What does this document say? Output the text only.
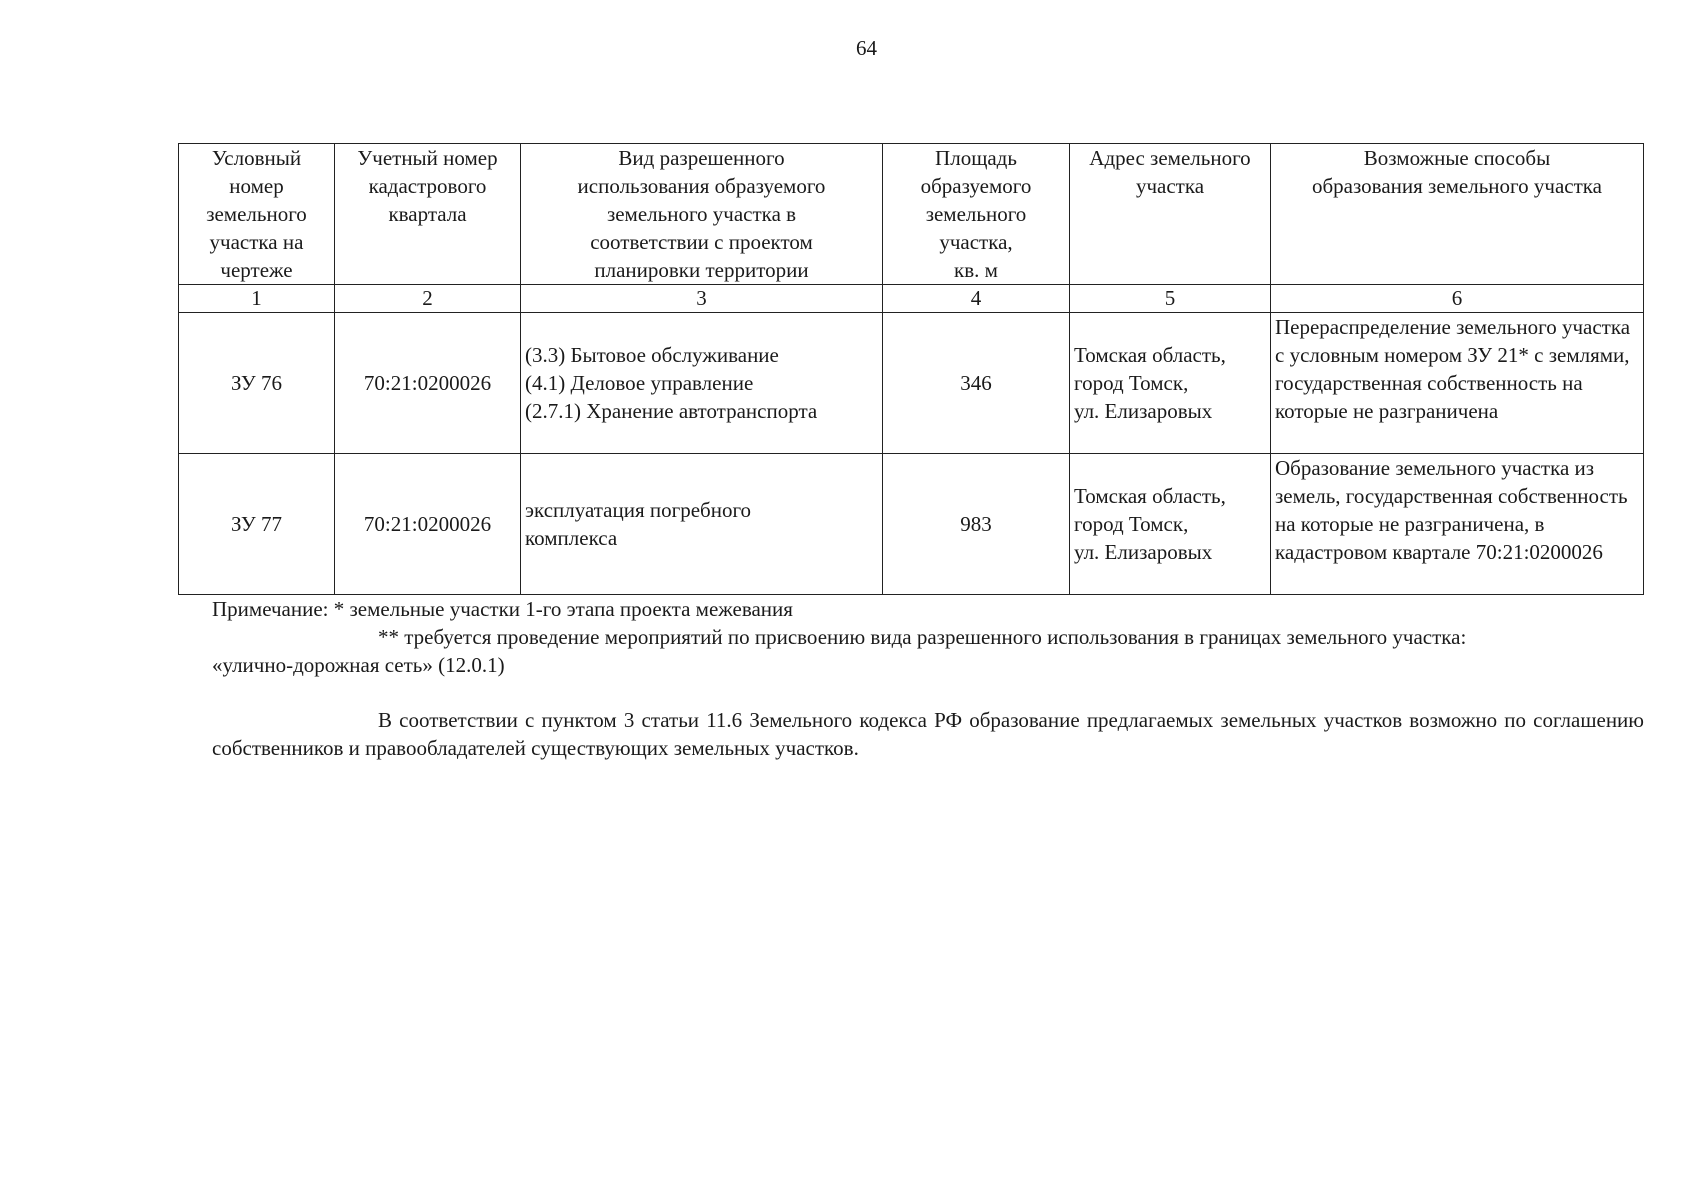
64
Условный
номер
земельного
участка на
чертеже	Учетный номер
кадастрового
квартала	Вид разрешенного
использования образуемого
земельного участка в
соответствии с проектом
планировки территории	Площадь
образуемого
земельного
участка,
кв. м	Адрес земельного
участка	Возможные способы
образования земельного участка
1	2	3	4	5	6
ЗУ 76	70:21:0200026	(3.3) Бытовое обслуживание
(4.1) Деловое управление
(2.7.1) Хранение автотранспорта	346	Томская область,
город Томск,
ул. Елизаровых	Перераспределение земельного участка с условным номером ЗУ 21* с землями, государственная собственность на которые не разграничена
ЗУ 77	70:21:0200026	эксплуатация погребного
комплекса	983	Томская область,
город Томск,
ул. Елизаровых	Образование земельного участка из земель, государственная собственность на которые не разграничена, в кадастровом квартале 70:21:0200026
Примечание: * земельные участки 1-го этапа проекта межевания
** требуется проведение мероприятий по присвоению вида разрешенного использования в границах земельного участка:
«улично-дорожная сеть» (12.0.1)
В соответствии с пунктом 3 статьи 11.6 Земельного кодекса РФ образование предлагаемых земельных участков возможно по соглашению собственников и правообладателей существующих земельных участков.
